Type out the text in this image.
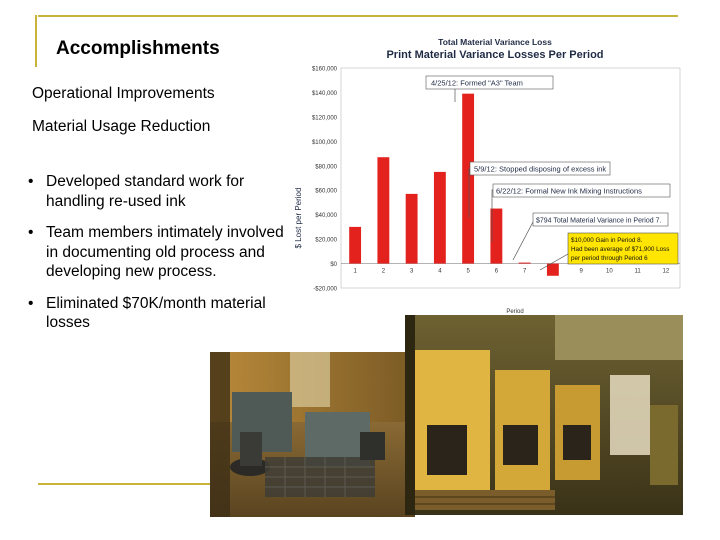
Accomplishments
Operational Improvements
Material Usage Reduction
• Developed standard work for handling re-used ink
• Team members intimately involved in documenting old process and developing new process.
• Eliminated $70K/month material losses
Total Material Variance Loss
Print Material Variance Losses Per Period
$ Lost per Period
Period
$160,000
$140,000
$120,000
$100,000
$80,000
$60,000
$40,000
$20,000
$0
-$20,000
1	2	3	4	5	6	7	9	10	11	12
4/25/12: Formed "A3" Team
5/9/12: Stopped disposing of excess ink
6/22/12: Formal New Ink Mixing Instructions
$794 Total Material Variance in Period 7.
$10,000 Gain in Period 8.
Had been average of $71,900 Loss
per period through Period 6
